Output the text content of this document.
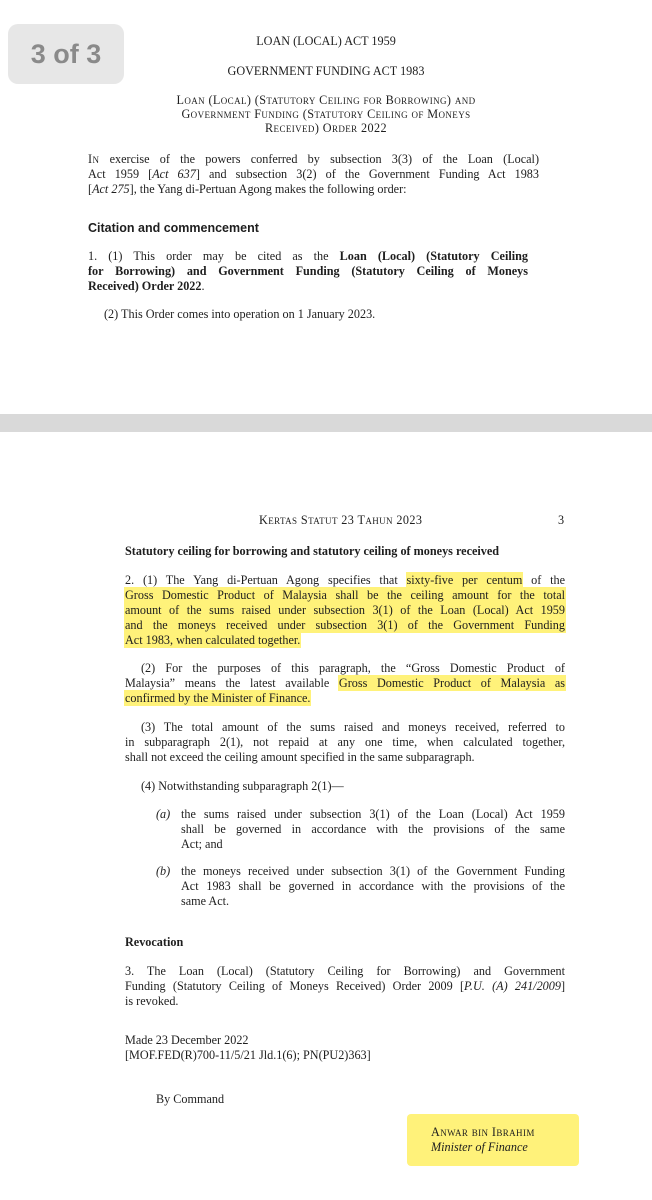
3 of 3	LOAN (LOCAL) ACT 1959
GOVERNMENT FUNDING ACT 1983
Loan (Local) (Statutory Ceiling for Borrowing) and
Government Funding (Statutory Ceiling of Moneys
Received) Order 2022
In exercise of the powers conferred by subsection 3(3) of the Loan (Local)
Act 1959 [Act 637] and subsection 3(2) of the Government Funding Act 1983
[Act 275], the Yang di-Pertuan Agong makes the following order:
Citation and commencement
1. (1) This order may be cited as the Loan (Local) (Statutory Ceiling
for Borrowing) and Government Funding (Statutory Ceiling of Moneys
Received) Order 2022.
(2) This Order comes into operation on 1 January 2023.
Kertas Statut 23 Tahun 2023	3
Statutory ceiling for borrowing and statutory ceiling of moneys received
2. (1) The Yang di-Pertuan Agong specifies that sixty-five per centum of the
Gross Domestic Product of Malaysia shall be the ceiling amount for the total
amount of the sums raised under subsection 3(1) of the Loan (Local) Act 1959
and the moneys received under subsection 3(1) of the Government Funding
Act 1983, when calculated together.
(2) For the purposes of this paragraph, the “Gross Domestic Product of
Malaysia” means the latest available Gross Domestic Product of Malaysia as
confirmed by the Minister of Finance.
(3) The total amount of the sums raised and moneys received, referred to
in subparagraph 2(1), not repaid at any one time, when calculated together,
shall not exceed the ceiling amount specified in the same subparagraph.
(4) Notwithstanding subparagraph 2(1)—
(a) the sums raised under subsection 3(1) of the Loan (Local) Act 1959
shall be governed in accordance with the provisions of the same
Act; and
(b) the moneys received under subsection 3(1) of the Government Funding
Act 1983 shall be governed in accordance with the provisions of the
same Act.
Revocation
3. The Loan (Local) (Statutory Ceiling for Borrowing) and Government
Funding (Statutory Ceiling of Moneys Received) Order 2009 [P.U. (A) 241/2009]
is revoked.
Made 23 December 2022
[MOF.FED(R)700-11/5/21 Jld.1(6); PN(PU2)363]
By Command
Anwar bin Ibrahim
Minister of Finance
